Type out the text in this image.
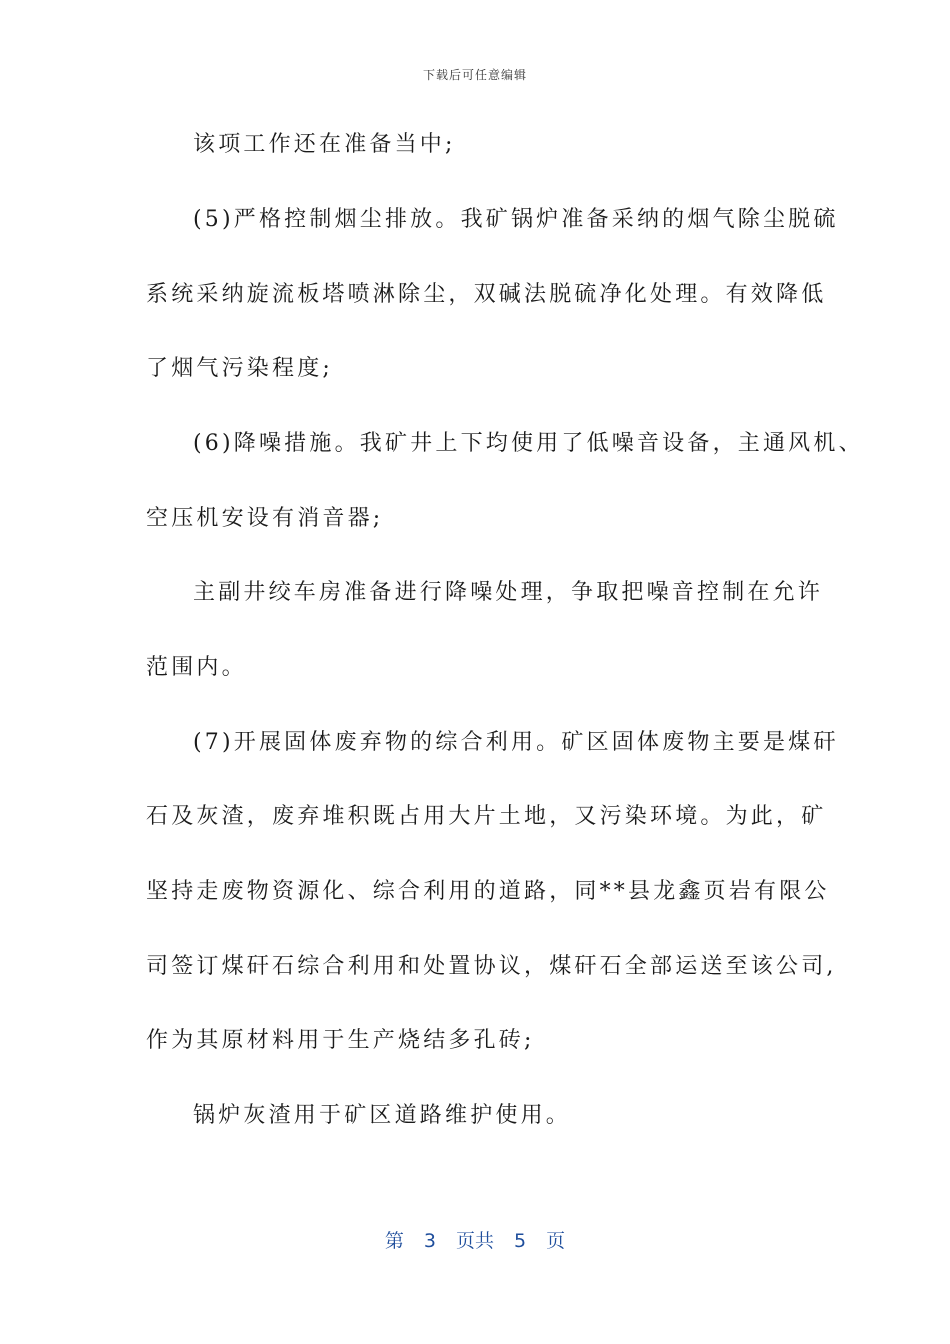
下载后可任意编辑
该项工作还在准备当中;
(5)严格控制烟尘排放。我矿锅炉准备采纳的烟气除尘脱硫
系统采纳旋流板塔喷淋除尘，双碱法脱硫净化处理。有效降低
了烟气污染程度;
(6)降噪措施。我矿井上下均使用了低噪音设备，主通风机、
空压机安设有消音器;
主副井绞车房准备进行降噪处理，争取把噪音控制在允许
范围内。
(7)开展固体废弃物的综合利用。矿区固体废物主要是煤矸
石及灰渣，废弃堆积既占用大片土地，又污染环境。为此，矿
坚持走废物资源化、综合利用的道路，同**县龙鑫页岩有限公
司签订煤矸石综合利用和处置协议，煤矸石全部运送至该公司,
作为其原材料用于生产烧结多孔砖;
锅炉灰渣用于矿区道路维护使用。
第 3 页共 5 页
